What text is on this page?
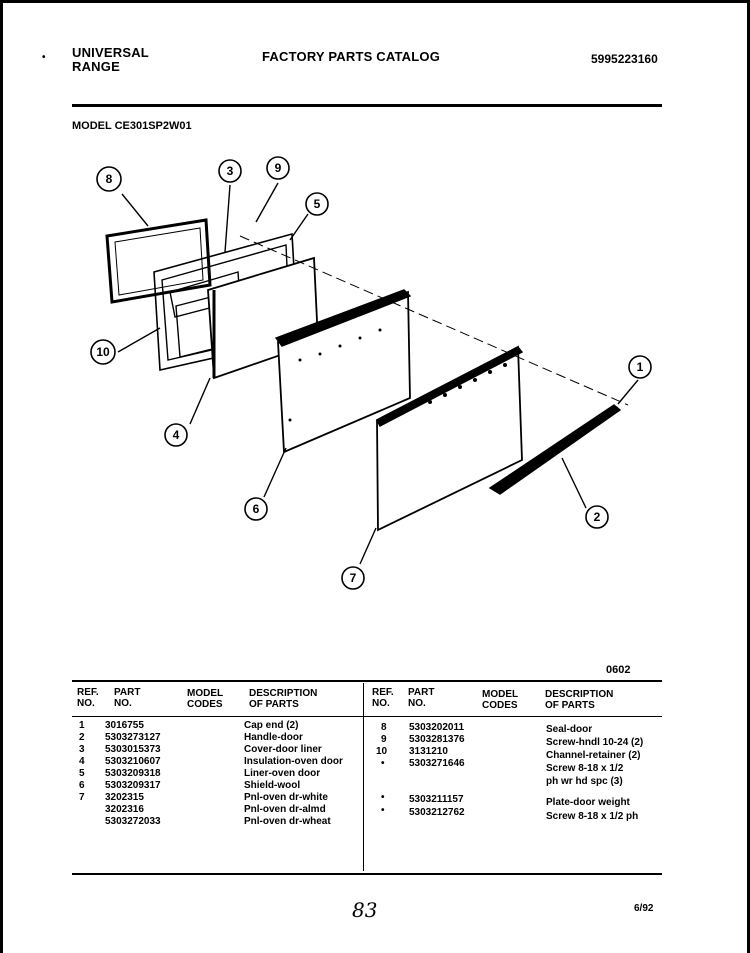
• UNIVERSAL
RANGE
FACTORY PARTS CATALOG	5995223160
MODEL CE301SP2W01
8
3	9
5
10
4
1
6
2
7
0602
REF.
NO.
PART
NO.
MODEL
CODES
DESCRIPTION
OF PARTS
REF.
NO.
PART
NO.
MODEL
CODES
DESCRIPTION
OF PARTS
1 3016755	Cap end (2)
2 5303273127	Handle-door
3 5303015373	Cover-door liner
4 5303210607	Insulation-oven door
5 5303209318	Liner-oven door
6 5303209317	Shield-wool
7 3202315	Pnl-oven dr-white
3202316	Pnl-oven dr-almd
5303272033	Pnl-oven dr-wheat
8 5303202011	Seal-door
9 5303281376	Screw-hndl 10-24 (2)
10 3131210	Channel-retainer (2)
• 5303271646	Screw 8-18 x 1/2
ph wr hd spc (3)
• 5303211157	Plate-door weight
• 5303212762	Screw 8-18 x 1/2 ph
83	6/92
